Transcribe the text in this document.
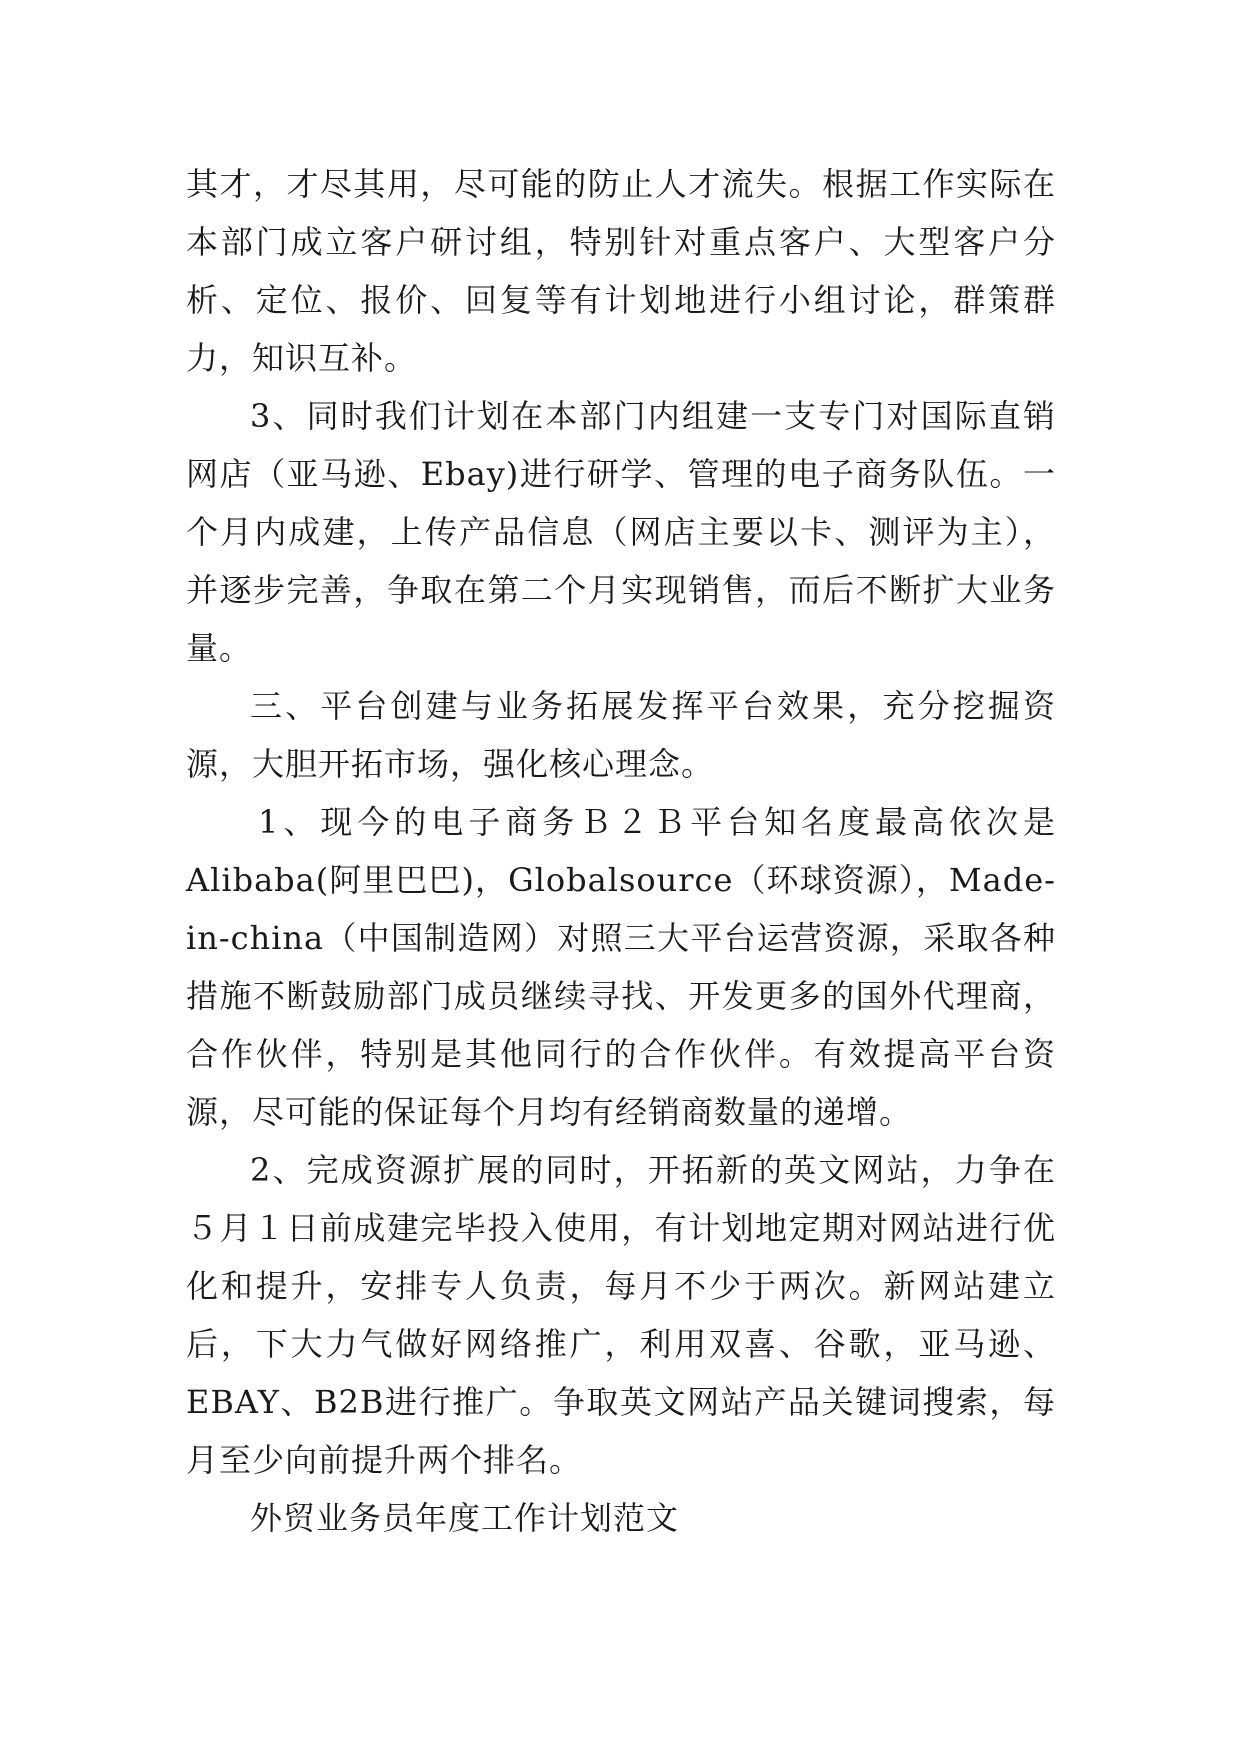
其才，才尽其用，尽可能的防止人才流失。根据工作实际在本部门成立客户研讨组，特别针对重点客户、大型客户分析、定位、报价、回复等有计划地进行小组讨论，群策群力，知识互补。

3、同时我们计划在本部门内组建一支专门对国际直销网店（亚马逊、Ebay)进行研学、管理的电子商务队伍。一个月内成建，上传产品信息（网店主要以卡、测评为主），并逐步完善，争取在第二个月实现销售，而后不断扩大业务量。

三、平台创建与业务拓展发挥平台效果，充分挖掘资源，大胆开拓市场，强化核心理念。

1、现今的电子商务Ｂ２Ｂ平台知名度最高依次是Alibaba(阿里巴巴)，Globalsource（环球资源），Made-in-china（中国制造网）对照三大平台运营资源，采取各种措施不断鼓励部门成员继续寻找、开发更多的国外代理商，合作伙伴，特别是其他同行的合作伙伴。有效提高平台资源，尽可能的保证每个月均有经销商数量的递增。

2、完成资源扩展的同时，开拓新的英文网站，力争在５月１日前成建完毕投入使用，有计划地定期对网站进行优化和提升，安排专人负责，每月不少于两次。新网站建立后，下大力气做好网络推广，利用双喜、谷歌，亚马逊、EBAY、B2B进行推广。争取英文网站产品关键词搜索，每月至少向前提升两个排名。

外贸业务员年度工作计划范文
